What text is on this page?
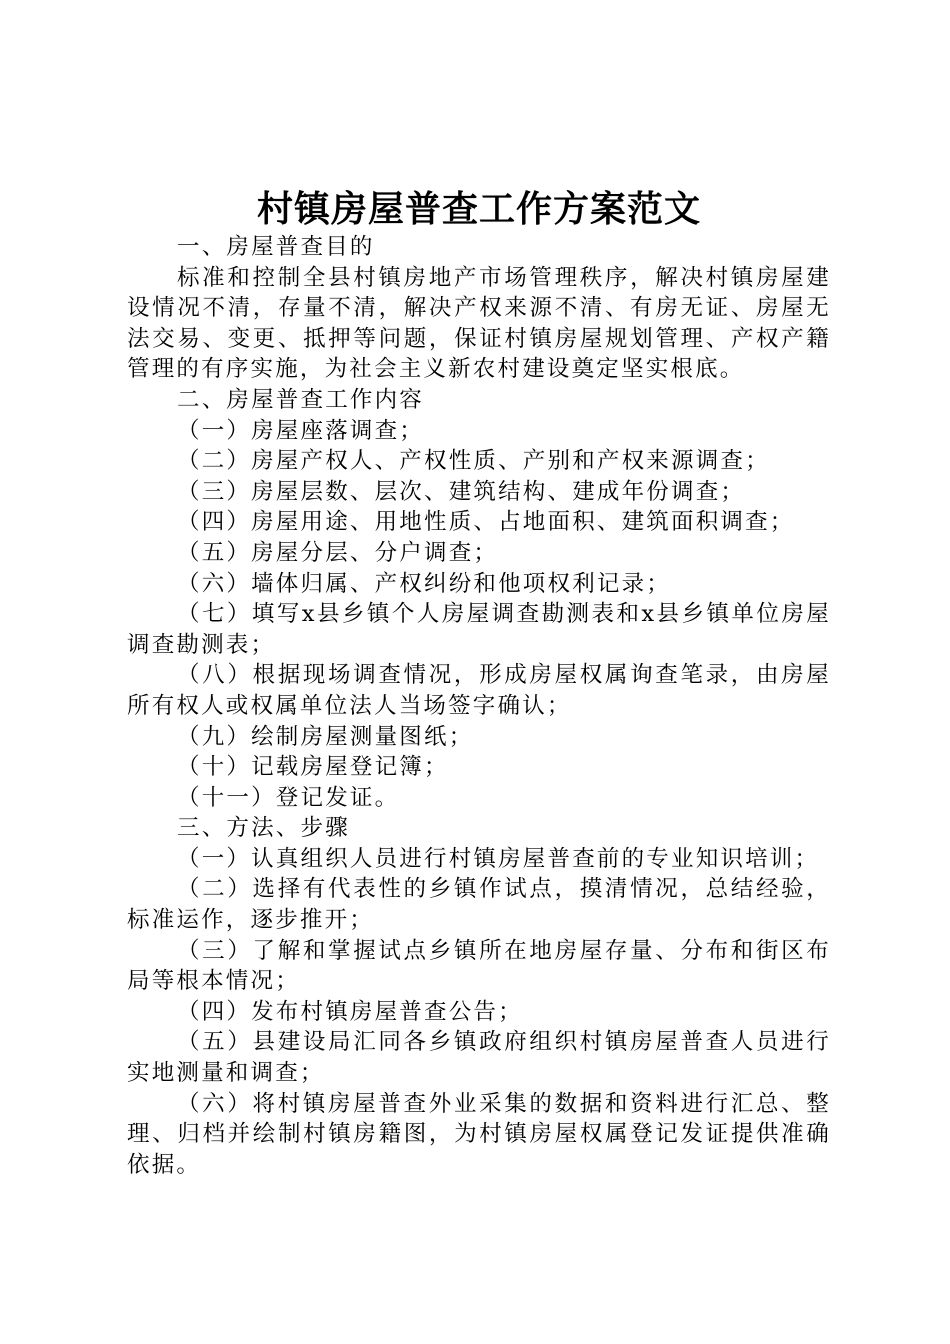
村镇房屋普查工作方案范文

一、房屋普查目的

标准和控制全县村镇房地产市场管理秩序，解决村镇房屋建设情况不清，存量不清，解决产权来源不清、有房无证、房屋无法交易、变更、抵押等问题，保证村镇房屋规划管理、产权产籍管理的有序实施，为社会主义新农村建设奠定坚实根底。

二、房屋普查工作内容

（一）房屋座落调查；

（二）房屋产权人、产权性质、产别和产权来源调查；

（三）房屋层数、层次、建筑结构、建成年份调查；

（四）房屋用途、用地性质、占地面积、建筑面积调查；

（五）房屋分层、分户调查；

（六）墙体归属、产权纠纷和他项权利记录；

（七）填写x县乡镇个人房屋调查勘测表和x县乡镇单位房屋调查勘测表；

（八）根据现场调查情况，形成房屋权属询查笔录，由房屋所有权人或权属单位法人当场签字确认；

（九）绘制房屋测量图纸；

（十）记载房屋登记簿；

（十一）登记发证。

三、方法、步骤

（一）认真组织人员进行村镇房屋普查前的专业知识培训；

（二）选择有代表性的乡镇作试点，摸清情况，总结经验，标准运作，逐步推开；

（三）了解和掌握试点乡镇所在地房屋存量、分布和街区布局等根本情况；

（四）发布村镇房屋普查公告；

（五）县建设局汇同各乡镇政府组织村镇房屋普查人员进行实地测量和调查；

（六）将村镇房屋普查外业采集的数据和资料进行汇总、整理、归档并绘制村镇房籍图，为村镇房屋权属登记发证提供准确依据。
